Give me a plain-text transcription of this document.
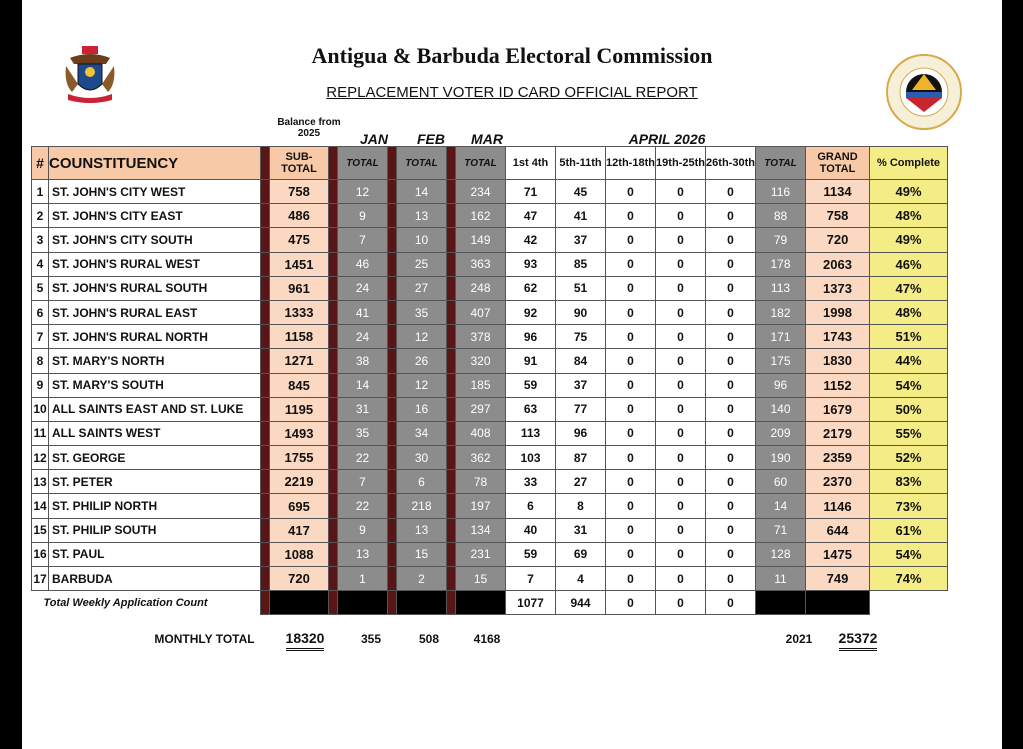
Antigua & Barbuda Electoral Commission
REPLACEMENT VOTER ID CARD OFFICIAL REPORT
Balance from 2025	JAN	FEB	MAR	APRIL 2026
#	COUNSTITUENCY		SUB-TOTAL		TOTAL		TOTAL		TOTAL	1st 4th	5th-11th	12th-18th	19th-25th	26th-30th	TOTAL	GRAND TOTAL	% Complete
1	ST. JOHN'S CITY WEST		758		12		14		234	71	45	0	0	0	116	1134	49%
2	ST. JOHN'S CITY EAST		486		9		13		162	47	41	0	0	0	88	758	48%
3	ST. JOHN'S CITY SOUTH		475		7		10		149	42	37	0	0	0	79	720	49%
4	ST. JOHN'S RURAL WEST		1451		46		25		363	93	85	0	0	0	178	2063	46%
5	ST. JOHN'S RURAL SOUTH		961		24		27		248	62	51	0	0	0	113	1373	47%
6	ST. JOHN'S RURAL EAST		1333		41		35		407	92	90	0	0	0	182	1998	48%
7	ST. JOHN'S RURAL NORTH		1158		24		12		378	96	75	0	0	0	171	1743	51%
8	ST. MARY'S NORTH		1271		38		26		320	91	84	0	0	0	175	1830	44%
9	ST. MARY'S SOUTH		845		14		12		185	59	37	0	0	0	96	1152	54%
10	ALL SAINTS EAST AND ST. LUKE		1195		31		16		297	63	77	0	0	0	140	1679	50%
11	ALL SAINTS WEST		1493		35		34		408	113	96	0	0	0	209	2179	55%
12	ST. GEORGE		1755		22		30		362	103	87	0	0	0	190	2359	52%
13	ST. PETER		2219		7		6		78	33	27	0	0	0	60	2370	83%
14	ST. PHILIP NORTH		695		22		218		197	6	8	0	0	0	14	1146	73%
15	ST. PHILIP SOUTH		417		9		13		134	40	31	0	0	0	71	644	61%
16	ST. PAUL		1088		13		15		231	59	69	0	0	0	128	1475	54%
17	BARBUDA		720		1		2		15	7	4	0	0	0	11	749	74%
Total Weekly Application Count										1077	944	0	0	0			
MONTHLY TOTAL	18320	355	508	4168	2021	25372
